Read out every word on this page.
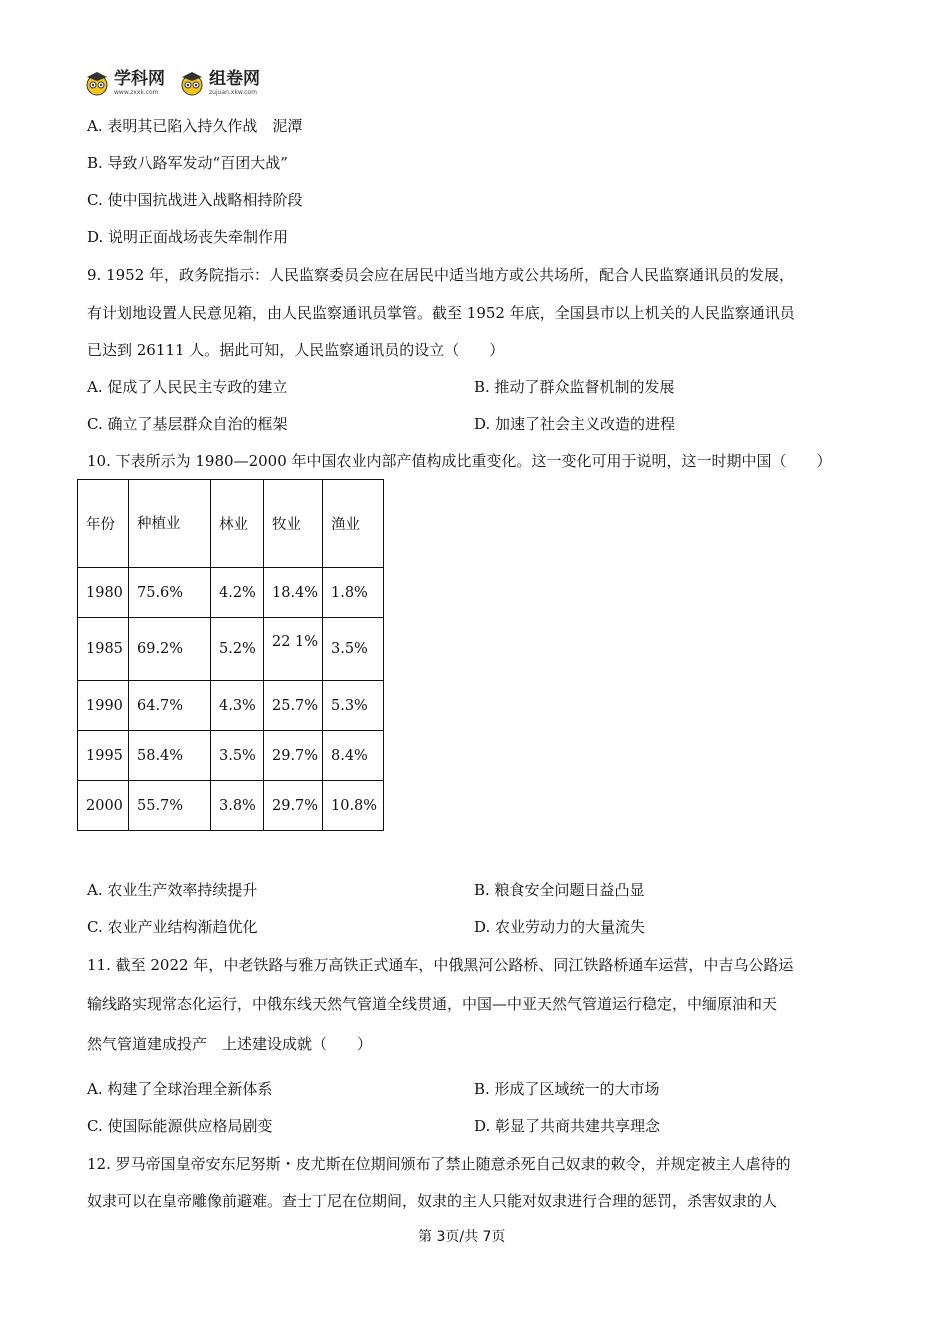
学科网
www.zxxk.com
组卷网
zujuan.xkw.com
A. 表明其已陷入持久作战　泥潭
B. 导致八路军发动“百团大战”
C. 使中国抗战进入战略相持阶段
D. 说明正面战场丧失牵制作用
9. 1952 年，政务院指示：人民监察委员会应在居民中适当地方或公共场所，配合人民监察通讯员的发展，
有计划地设置人民意见箱，由人民监察通讯员掌管。截至 1952 年底，全国县市以上机关的人民监察通讯员
已达到 26111 人。据此可知，人民监察通讯员的设立（　　）
A. 促成了人民民主专政的建立	B. 推动了群众监督机制的发展
C. 确立了基层群众自治的框架	D. 加速了社会主义改造的进程
10. 下表所示为 1980—2000 年中国农业内部产值构成比重变化。这一变化可用于说明，这一时期中国（　　）
年份	种植业	林业	牧业	渔业
1980	75.6%	4.2%	18.4%	1.8%
1985	69.2%	5.2%	22 1%	3.5%
1990	64.7%	4.3%	25.7%	5.3%
1995	58.4%	3.5%	29.7%	8.4%
2000	55.7%	3.8%	29.7%	10.8%
A. 农业生产效率持续提升	B. 粮食安全问题日益凸显
C. 农业产业结构渐趋优化	D. 农业劳动力的大量流失
11. 截至 2022 年，中老铁路与雅万高铁正式通车，中俄黑河公路桥、同江铁路桥通车运营，中吉乌公路运
输线路实现常态化运行，中俄东线天然气管道全线贯通，中国—中亚天然气管道运行稳定，中缅原油和天
然气管道建成投产　上述建设成就（　　）
A. 构建了全球治理全新体系	B. 形成了区域统一的大市场
C. 使国际能源供应格局剧变	D. 彰显了共商共建共享理念
12. 罗马帝国皇帝安东尼努斯・皮尤斯在位期间颁布了禁止随意杀死自己奴隶的敕令，并规定被主人虐待的
奴隶可以在皇帝雕像前避难。查士丁尼在位期间，奴隶的主人只能对奴隶进行合理的惩罚，杀害奴隶的人
第 3页/共 7页
